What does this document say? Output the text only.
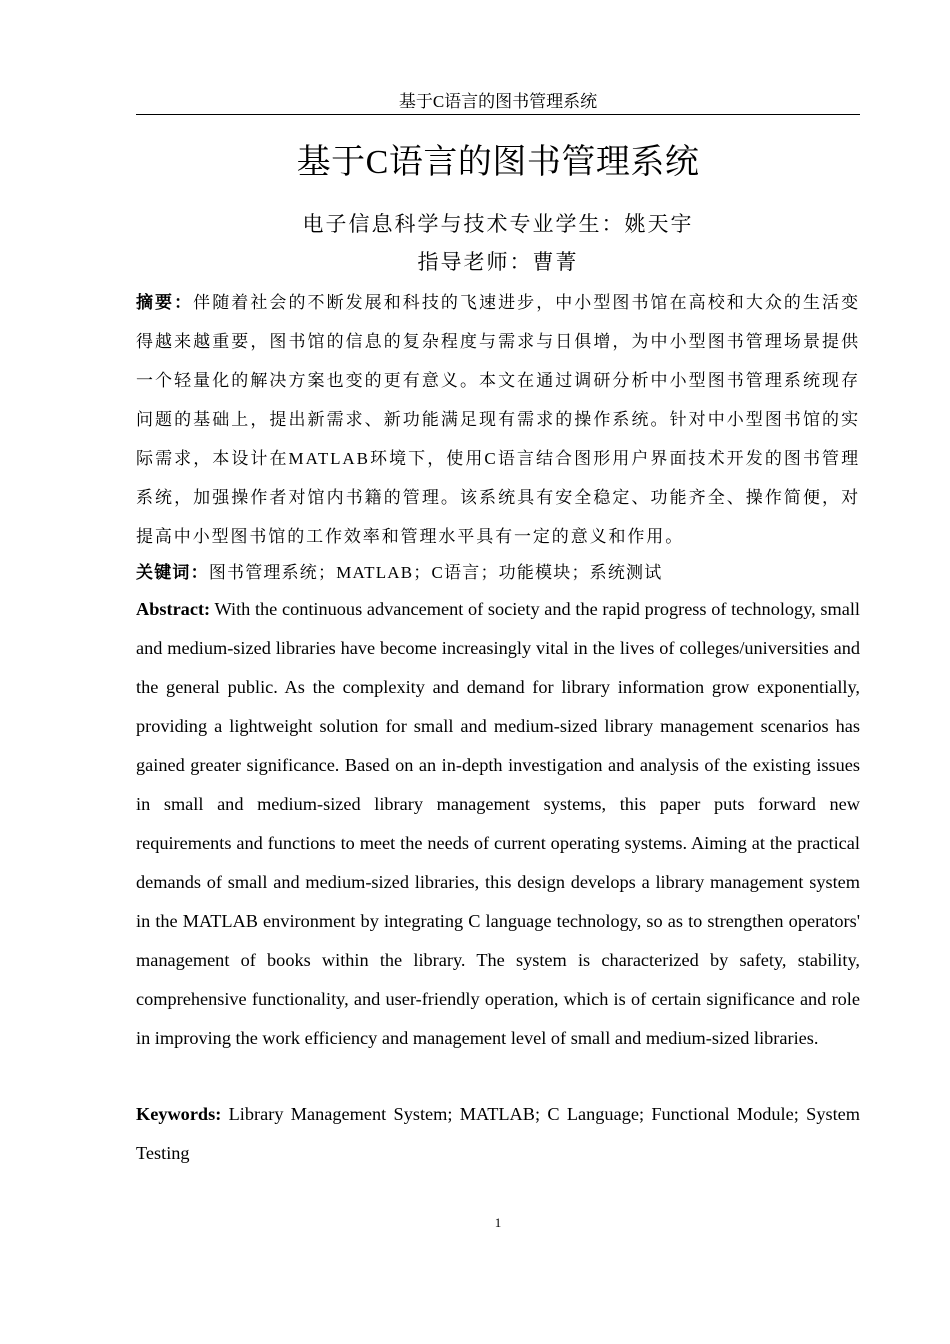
基于C语言的图书管理系统
基于C语言的图书管理系统
电子信息科学与技术专业学生：姚天宇
指导老师：曹菁
摘要：伴随着社会的不断发展和科技的飞速进步，中小型图书馆在高校和大众的生活变得越来越重要，图书馆的信息的复杂程度与需求与日俱增，为中小型图书管理场景提供一个轻量化的解决方案也变的更有意义。本文在通过调研分析中小型图书管理系统现存问题的基础上，提出新需求、新功能满足现有需求的操作系统。针对中小型图书馆的实际需求，本设计在MATLAB环境下，使用C语言结合图形用户界面技术开发的图书管理系统，加强操作者对馆内书籍的管理。该系统具有安全稳定、功能齐全、操作简便，对提高中小型图书馆的工作效率和管理水平具有一定的意义和作用。
关键词：图书管理系统；MATLAB；C语言；功能模块；系统测试
Abstract: With the continuous advancement of society and the rapid progress of technology, small and medium-sized libraries have become increasingly vital in the lives of colleges/universities and the general public. As the complexity and demand for library information grow exponentially, providing a lightweight solution for small and medium-sized library management scenarios has gained greater significance. Based on an in-depth investigation and analysis of the existing issues in small and medium-sized library management systems, this paper puts forward new requirements and functions to meet the needs of current operating systems. Aiming at the practical demands of small and medium-sized libraries, this design develops a library management system in the MATLAB environment by integrating C language technology, so as to strengthen operators' management of books within the library. The system is characterized by safety, stability, comprehensive functionality, and user-friendly operation, which is of certain significance and role in improving the work efficiency and management level of small and medium-sized libraries.
Keywords: Library Management System; MATLAB; C Language; Functional Module; System Testing
1
